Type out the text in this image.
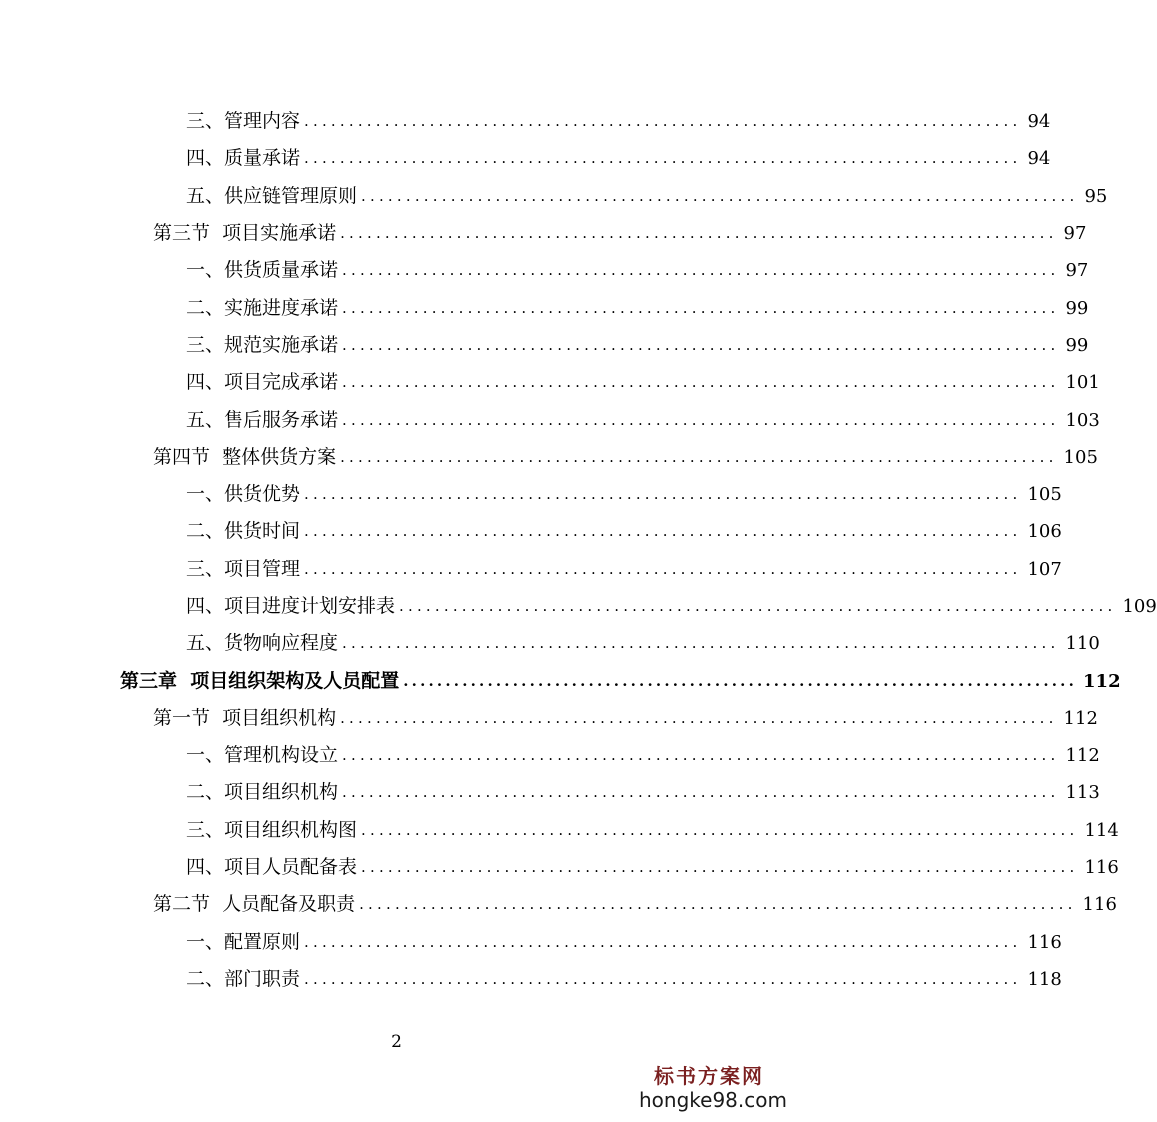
三、管理内容 ................................................................................ 94
四、质量承诺 ................................................................................ 94
五、供应链管理原则 ................................................................................ 95
第三节  项目实施承诺 ................................................................................ 97
一、供货质量承诺 ................................................................................ 97
二、实施进度承诺 ................................................................................ 99
三、规范实施承诺 ................................................................................ 99
四、项目完成承诺 ................................................................................ 101
五、售后服务承诺 ................................................................................ 103
第四节  整体供货方案 ................................................................................ 105
一、供货优势 ................................................................................ 105
二、供货时间 ................................................................................ 106
三、项目管理 ................................................................................ 107
四、项目进度计划安排表 ................................................................................ 109
五、货物响应程度 ................................................................................ 110
第三章  项目组织架构及人员配置 ................................................................................ 112
第一节  项目组织机构 ................................................................................ 112
一、管理机构设立 ................................................................................ 112
二、项目组织机构 ................................................................................ 113
三、项目组织机构图 ................................................................................ 114
四、项目人员配备表 ................................................................................ 116
第二节  人员配备及职责 ................................................................................ 116
一、配置原则 ................................................................................ 116
二、部门职责 ................................................................................ 118
2
标书方案网
hongke98.com
